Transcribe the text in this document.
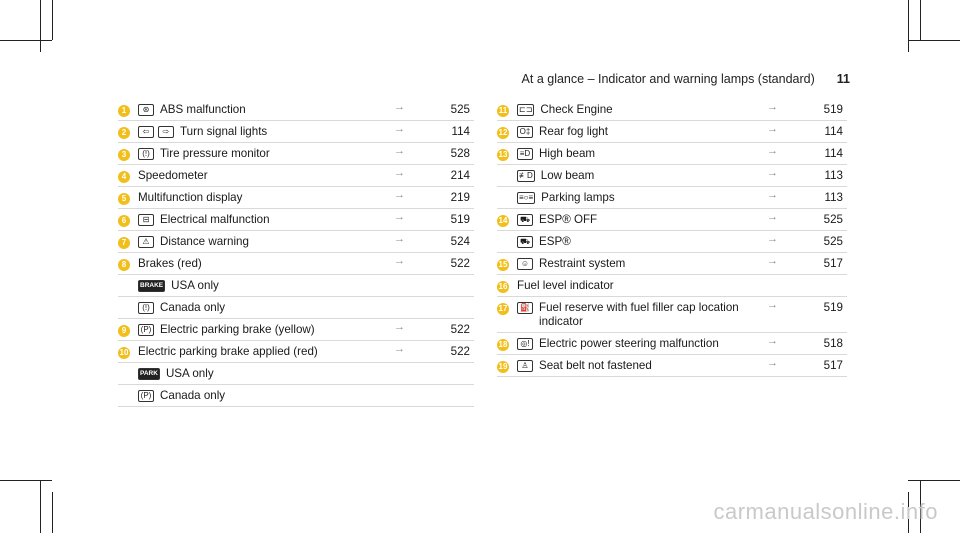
At a glance – Indicator and warning lamps (standard) 11
1	⊛ ABS malfunction	→	525
2	⇦	⇨ Turn signal lights	→	114
3	(!) Tire pressure monitor	→	528
4	Speedometer	→	214
5	Multifunction display	→	219
6	⊟ Electrical malfunction	→	519
7	⚠ Distance warning	→	524
8	Brakes (red)	→	522
BRAKE USA only
(!) Canada only
9	(P) Electric parking brake (yellow)	→	522
10 Electric parking brake applied (red)	→	522
PARK USA only
(P) Canada only
11	⊏⊐ Check Engine	→	519
12	O‡ Rear fog light	→	114
13	≡D High beam	→	114
≢D Low beam	→	113
≡○≡ Parking lamps	→	113
14	⛟ ESP® OFF	→	525
⛟ ESP®	→	525
15	☺ Restraint system	→	517
16 Fuel level indicator
17	⛽ Fuel reserve with fuel filler cap location indicator
→	519
18	◎! Electric power steering malfunction	→	518
19	♙ Seat belt not fastened	→	517
carmanualsonline.info
